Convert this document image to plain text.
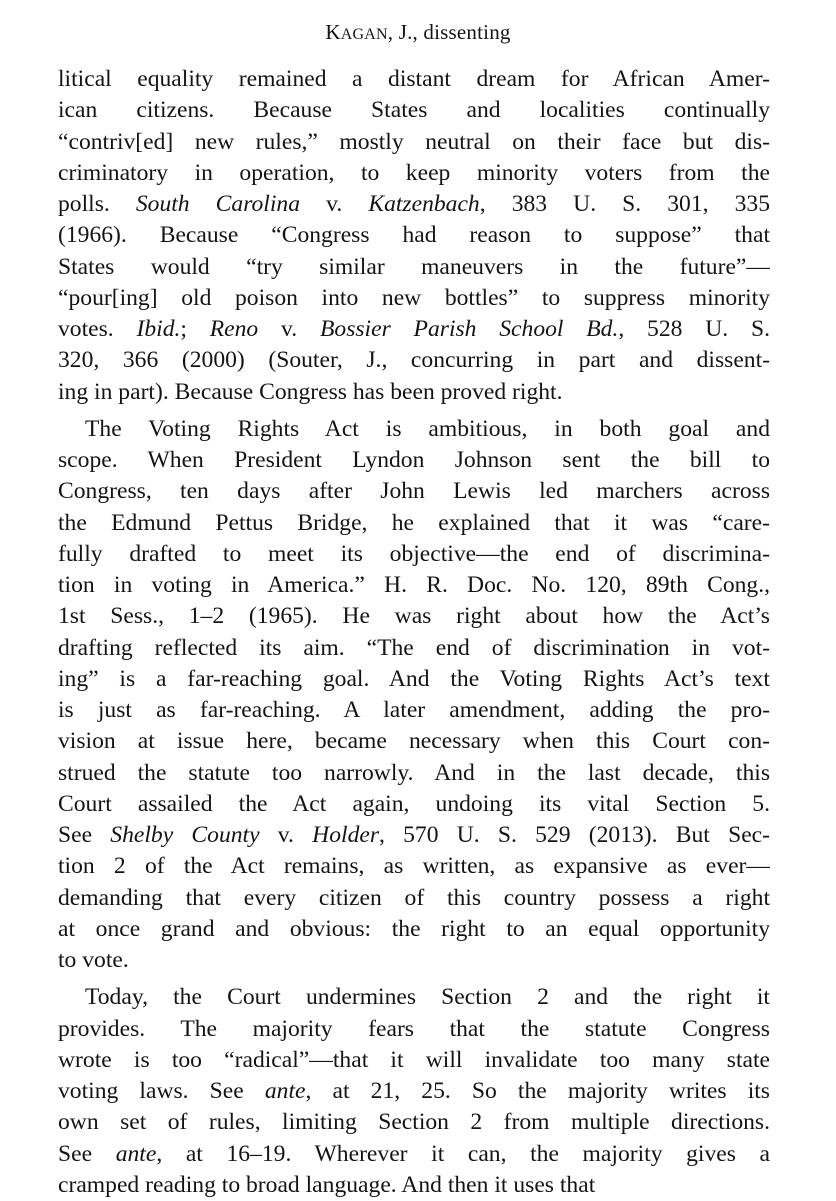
KAGAN, J., dissenting
litical equality remained a distant dream for African Amer-
ican citizens. Because States and localities continually
“contriv[ed] new rules,” mostly neutral on their face but dis-
criminatory in operation, to keep minority voters from the
polls. South Carolina v. Katzenbach, 383 U. S. 301, 335
(1966). Because “Congress had reason to suppose” that
States would “try similar maneuvers in the future”—
“pour[ing] old poison into new bottles” to suppress minority
votes. Ibid.; Reno v. Bossier Parish School Bd., 528 U. S.
320, 366 (2000) (Souter, J., concurring in part and dissent-
ing in part). Because Congress has been proved right.
The Voting Rights Act is ambitious, in both goal and
scope. When President Lyndon Johnson sent the bill to
Congress, ten days after John Lewis led marchers across
the Edmund Pettus Bridge, he explained that it was “care-
fully drafted to meet its objective—the end of discrimina-
tion in voting in America.” H. R. Doc. No. 120, 89th Cong.,
1st Sess., 1–2 (1965). He was right about how the Act’s
drafting reflected its aim. “The end of discrimination in vot-
ing” is a far-reaching goal. And the Voting Rights Act’s text
is just as far-reaching. A later amendment, adding the pro-
vision at issue here, became necessary when this Court con-
strued the statute too narrowly. And in the last decade, this
Court assailed the Act again, undoing its vital Section 5.
See Shelby County v. Holder, 570 U. S. 529 (2013). But Sec-
tion 2 of the Act remains, as written, as expansive as ever—
demanding that every citizen of this country possess a right
at once grand and obvious: the right to an equal opportunity
to vote.
Today, the Court undermines Section 2 and the right it
provides. The majority fears that the statute Congress
wrote is too “radical”—that it will invalidate too many state
voting laws. See ante, at 21, 25. So the majority writes its
own set of rules, limiting Section 2 from multiple directions.
See ante, at 16–19. Wherever it can, the majority gives a
cramped reading to broad language. And then it uses that
